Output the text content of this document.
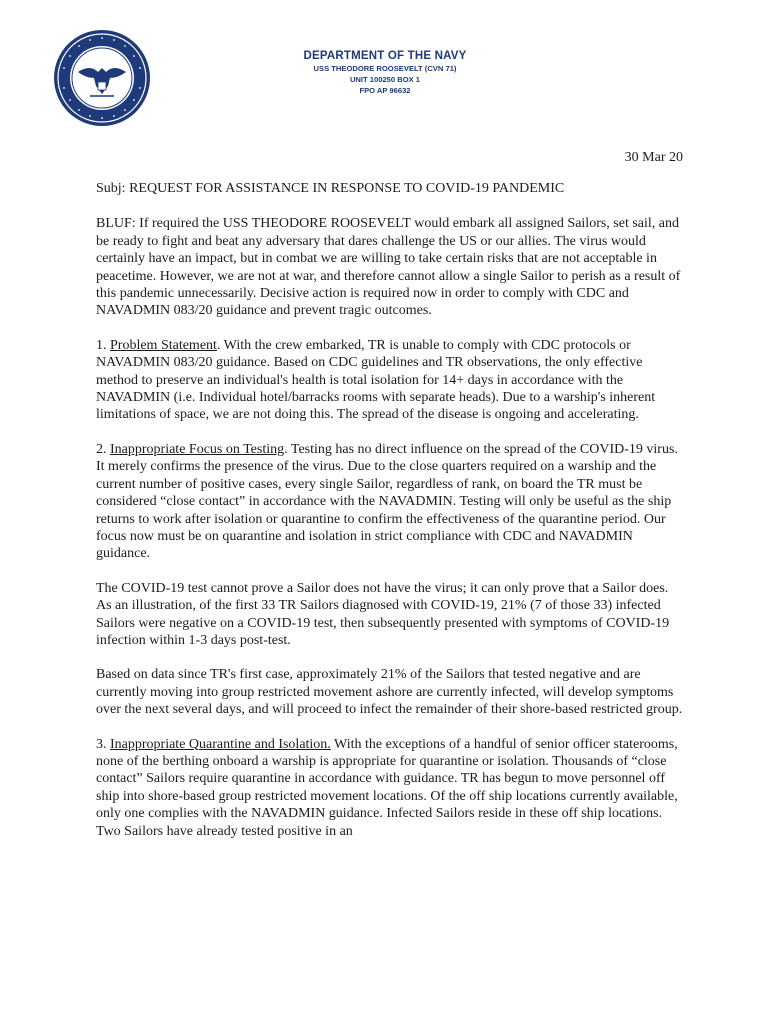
DEPARTMENT OF THE NAVY
USS THEODORE ROOSEVELT (CVN 71)
UNIT 100250 BOX 1
FPO AP 96632
30 Mar 20

Subj: REQUEST FOR ASSISTANCE IN RESPONSE TO COVID-19 PANDEMIC

BLUF: If required the USS THEODORE ROOSEVELT would embark all assigned Sailors, set sail, and be ready to fight and beat any adversary that dares challenge the US or our allies. The virus would certainly have an impact, but in combat we are willing to take certain risks that are not acceptable in peacetime. However, we are not at war, and therefore cannot allow a single Sailor to perish as a result of this pandemic unnecessarily. Decisive action is required now in order to comply with CDC and NAVADMIN 083/20 guidance and prevent tragic outcomes.

1. Problem Statement. With the crew embarked, TR is unable to comply with CDC protocols or NAVADMIN 083/20 guidance. Based on CDC guidelines and TR observations, the only effective method to preserve an individual's health is total isolation for 14+ days in accordance with the NAVADMIN (i.e. Individual hotel/barracks rooms with separate heads). Due to a warship's inherent limitations of space, we are not doing this. The spread of the disease is ongoing and accelerating.

2. Inappropriate Focus on Testing. Testing has no direct influence on the spread of the COVID-19 virus. It merely confirms the presence of the virus. Due to the close quarters required on a warship and the current number of positive cases, every single Sailor, regardless of rank, on board the TR must be considered “close contact” in accordance with the NAVADMIN. Testing will only be useful as the ship returns to work after isolation or quarantine to confirm the effectiveness of the quarantine period. Our focus now must be on quarantine and isolation in strict compliance with CDC and NAVADMIN guidance.

The COVID-19 test cannot prove a Sailor does not have the virus; it can only prove that a Sailor does. As an illustration, of the first 33 TR Sailors diagnosed with COVID-19, 21% (7 of those 33) infected Sailors were negative on a COVID-19 test, then subsequently presented with symptoms of COVID-19 infection within 1-3 days post-test.

Based on data since TR's first case, approximately 21% of the Sailors that tested negative and are currently moving into group restricted movement ashore are currently infected, will develop symptoms over the next several days, and will proceed to infect the remainder of their shore-based restricted group.

3. Inappropriate Quarantine and Isolation. With the exceptions of a handful of senior officer staterooms, none of the berthing onboard a warship is appropriate for quarantine or isolation. Thousands of “close contact” Sailors require quarantine in accordance with guidance. TR has begun to move personnel off ship into shore-based group restricted movement locations. Of the off ship locations currently available, only one complies with the NAVADMIN guidance. Infected Sailors reside in these off ship locations. Two Sailors have already tested positive in an
